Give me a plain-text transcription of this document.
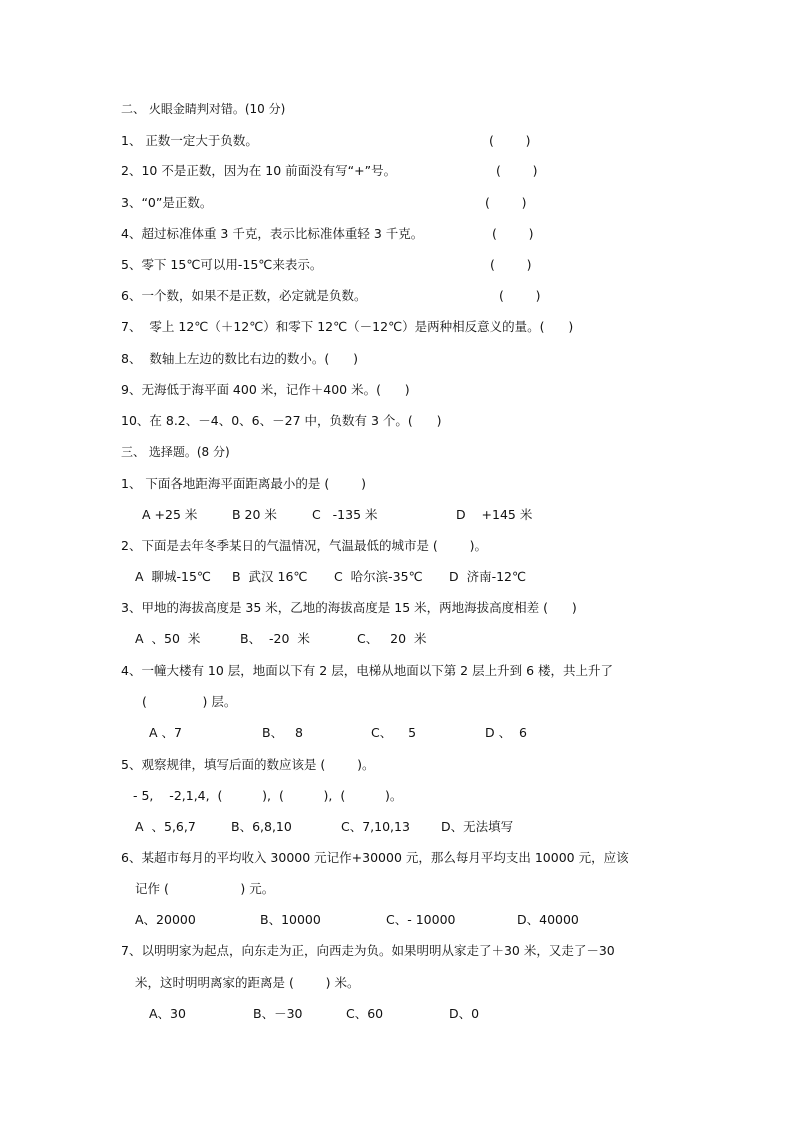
二、 火眼金睛判对错。(10 分)
1、 正数一定大于负数。	(        )
2、10 不是正数，因为在 10 前面没有写“+”号。	(        )
3、“0”是正数。	(        )
4、超过标准体重 3 千克，表示比标准体重轻 3 千克。	(        )
5、零下 15℃可以用-15℃来表示。	(        )
6、一个数，如果不是正数，必定就是负数。	(        )
7、  零上 12℃（＋12℃）和零下 12℃（－12℃）是两种相反意义的量。(      )
8、  数轴上左边的数比右边的数小。(      )
9、无海低于海平面 400 米，记作＋400 米。(      )
10、在 8.2、－4、0、6、－27 中，负数有 3 个。(      )
三、 选择题。(8 分)
1、 下面各地距海平面距离最小的是 (        )
A +25 米	B 20 米	C   -135 米	D    +145 米
2、下面是去年冬季某日的气温情况，气温最低的城市是 (        )。
A  聊城-15℃ B  武汉 16℃ C  哈尔滨-35℃ D  济南-12℃
3、甲地的海拔高度是 35 米，乙地的海拔高度是 15 米，两地海拔高度相差 (      )
A  、50  米	B、  -20  米	C、   20  米
4、一幢大楼有 10 层，地面以下有 2 层，电梯从地面以下第 2 层上升到 6 楼，共上升了
(              ) 层。
A 、7	B、   8	C、    5	D 、  6
5、观察规律，填写后面的数应该是 (        )。
- 5,    -2,1,4,  (          ),  (          ),  (          )。
A  、5,6,7	B、6,8,10	C、7,10,13 D、无法填写
6、某超市每月的平均收入 30000 元记作+30000 元，那么每月平均支出 10000 元，应该
记作 (                  ) 元。
A、20000	B、10000	C、- 10000	D、40000
7、以明明家为起点，向东走为正，向西走为负。如果明明从家走了＋30 米，又走了－30
米，这时明明离家的距离是 (        ) 米。
A、30	B、－30	C、60	D、0
